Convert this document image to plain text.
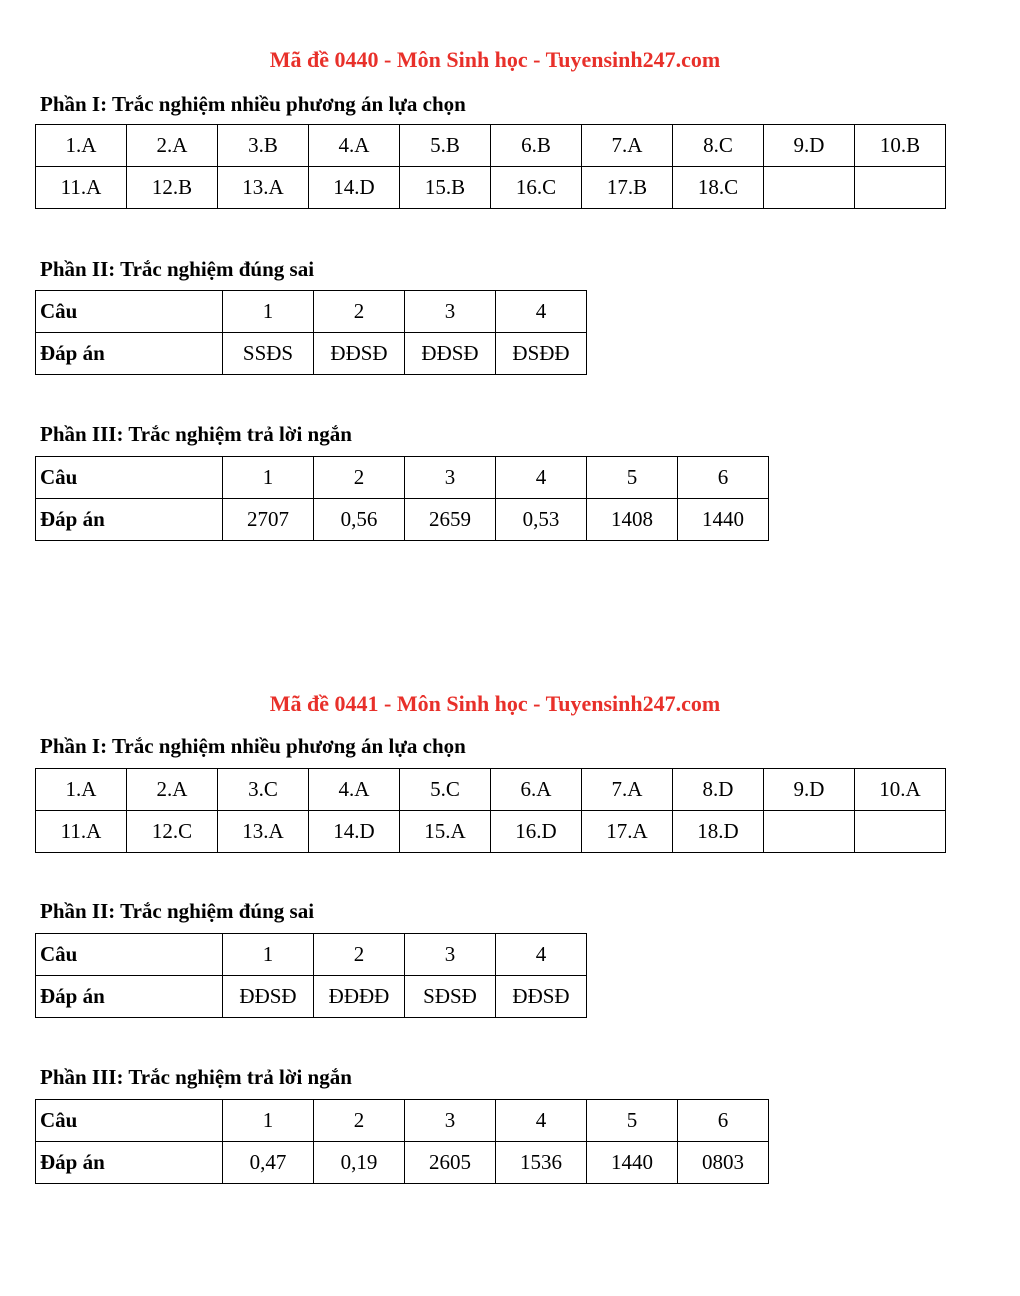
Mã đề 0440 - Môn Sinh học - Tuyensinh247.com
Phần I: Trắc nghiệm nhiều phương án lựa chọn
1.A	2.A	3.B	4.A	5.B	6.B	7.A	8.C	9.D	10.B
11.A	12.B	13.A	14.D	15.B	16.C	17.B	18.C		
Phần II: Trắc nghiệm đúng sai
Câu	1	2	3	4
Đáp án	SSĐS	ĐĐSĐ	ĐĐSĐ	ĐSĐĐ
Phần III: Trắc nghiệm trả lời ngắn
Câu	1	2	3	4	5	6
Đáp án	2707	0,56	2659	0,53	1408	1440
Mã đề 0441 - Môn Sinh học - Tuyensinh247.com
Phần I: Trắc nghiệm nhiều phương án lựa chọn
1.A	2.A	3.C	4.A	5.C	6.A	7.A	8.D	9.D	10.A
11.A	12.C	13.A	14.D	15.A	16.D	17.A	18.D		
Phần II: Trắc nghiệm đúng sai
Câu	1	2	3	4
Đáp án	ĐĐSĐ	ĐĐĐĐ	SĐSĐ	ĐĐSĐ
Phần III: Trắc nghiệm trả lời ngắn
Câu	1	2	3	4	5	6
Đáp án	0,47	0,19	2605	1536	1440	0803
